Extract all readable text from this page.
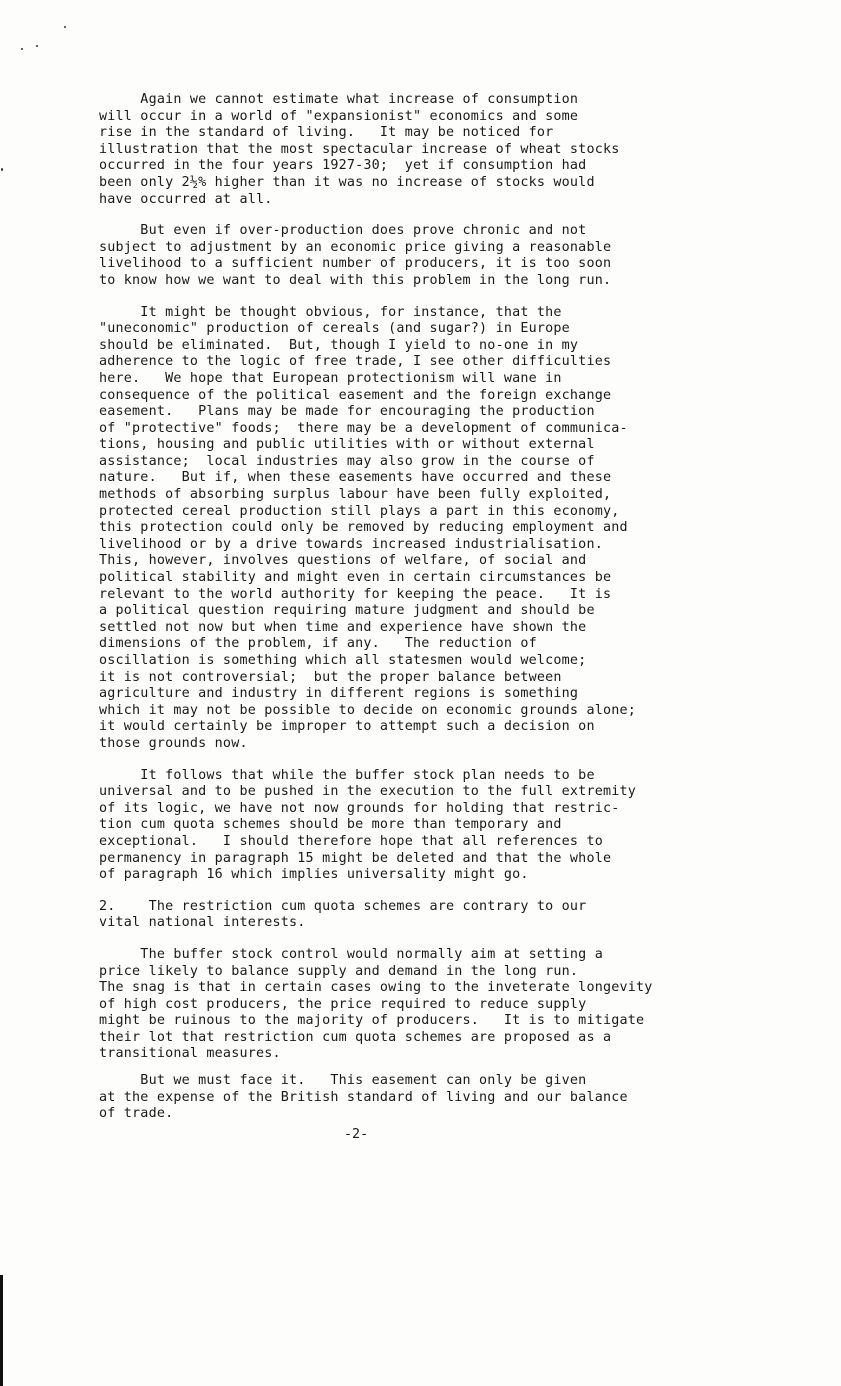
Again we cannot estimate what increase of consumption
will occur in a world of "expansionist" economics and some
rise in the standard of living.   It may be noticed for
illustration that the most spectacular increase of wheat stocks
occurred in the four years 1927-30;  yet if consumption had
been only 2½% higher than it was no increase of stocks would
have occurred at all.
But even if over-production does prove chronic and not
subject to adjustment by an economic price giving a reasonable
livelihood to a sufficient number of producers, it is too soon
to know how we want to deal with this problem in the long run.
It might be thought obvious, for instance, that the
"uneconomic" production of cereals (and sugar?) in Europe
should be eliminated.  But, though I yield to no-one in my
adherence to the logic of free trade, I see other difficulties
here.   We hope that European protectionism will wane in
consequence of the political easement and the foreign exchange
easement.   Plans may be made for encouraging the production
of "protective" foods;  there may be a development of communica-
tions, housing and public utilities with or without external
assistance;  local industries may also grow in the course of
nature.   But if, when these easements have occurred and these
methods of absorbing surplus labour have been fully exploited,
protected cereal production still plays a part in this economy,
this protection could only be removed by reducing employment and
livelihood or by a drive towards increased industrialisation.
This, however, involves questions of welfare, of social and
political stability and might even in certain circumstances be
relevant to the world authority for keeping the peace.   It is
a political question requiring mature judgment and should be
settled not now but when time and experience have shown the
dimensions of the problem, if any.   The reduction of
oscillation is something which all statesmen would welcome;
it is not controversial;  but the proper balance between
agriculture and industry in different regions is something
which it may not be possible to decide on economic grounds alone;
it would certainly be improper to attempt such a decision on
those grounds now.
It follows that while the buffer stock plan needs to be
universal and to be pushed in the execution to the full extremity
of its logic, we have not now grounds for holding that restric-
tion cum quota schemes should be more than temporary and
exceptional.   I should therefore hope that all references to
permanency in paragraph 15 might be deleted and that the whole
of paragraph 16 which implies universality might go.
2.    The restriction cum quota schemes are contrary to our
vital national interests.
The buffer stock control would normally aim at setting a
price likely to balance supply and demand in the long run.
The snag is that in certain cases owing to the inveterate longevity
of high cost producers, the price required to reduce supply
might be ruinous to the majority of producers.   It is to mitigate
their lot that restriction cum quota schemes are proposed as a
transitional measures.
But we must face it.   This easement can only be given
at the expense of the British standard of living and our balance
of trade.
-2-
